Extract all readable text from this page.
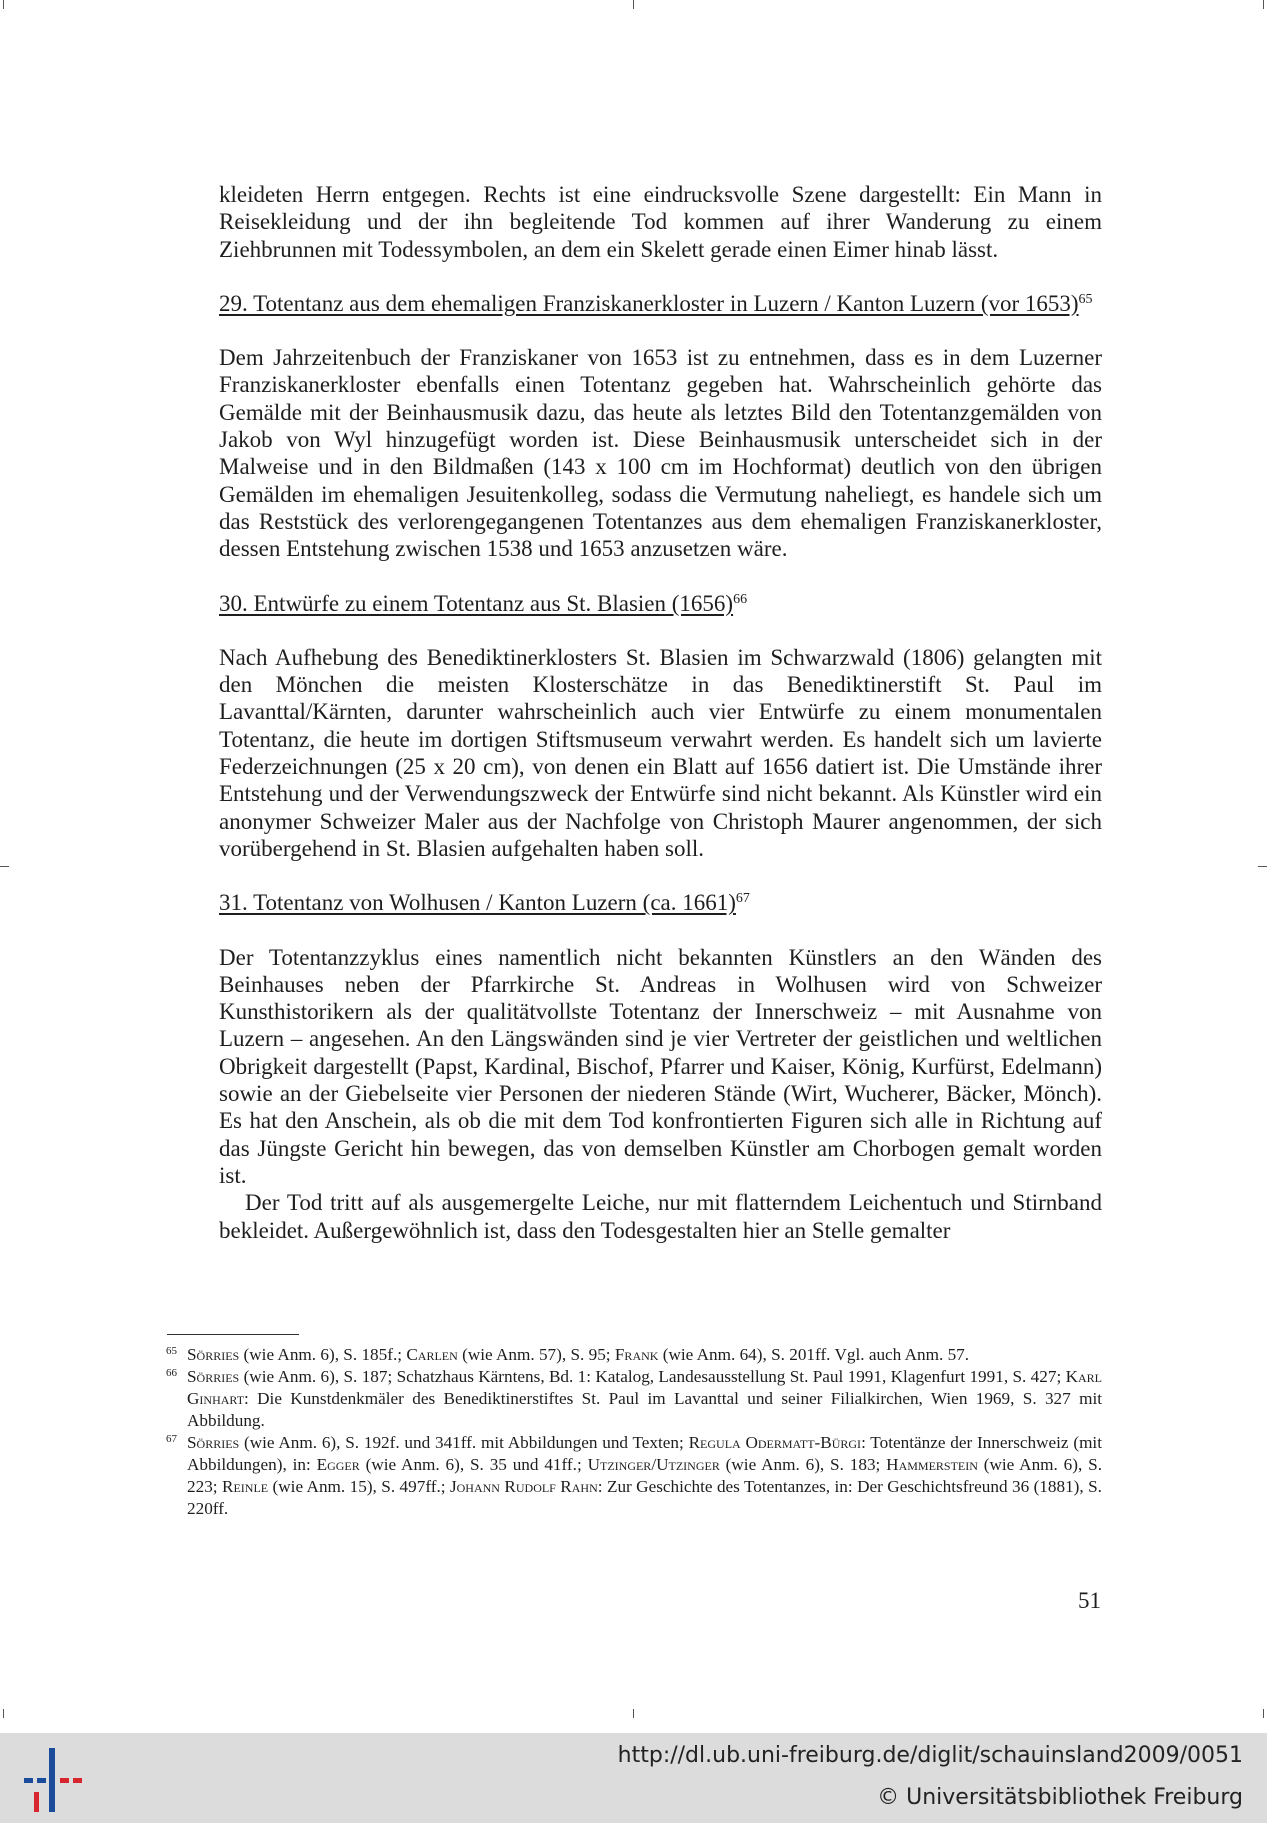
kleideten Herrn entgegen. Rechts ist eine eindrucksvolle Szene dargestellt: Ein Mann in Reisekleidung und der ihn begleitende Tod kommen auf ihrer Wanderung zu einem Ziehbrunnen mit Todessymbolen, an dem ein Skelett gerade einen Eimer hinab lässt.

29. Totentanz aus dem ehemaligen Franziskanerkloster in Luzern / Kanton Luzern (vor 1653)$^{65}$

Dem Jahrzeitenbuch der Franziskaner von 1653 ist zu entnehmen, dass es in dem Luzerner Franziskanerkloster ebenfalls einen Totentanz gegeben hat. Wahrscheinlich gehörte das Gemälde mit der Beinhausmusik dazu, das heute als letztes Bild den Totentanzgemälden von Jakob von Wyl hinzugefügt worden ist. Diese Beinhausmusik unterscheidet sich in der Malweise und in den Bildmaßen (143 x 100 cm im Hochformat) deutlich von den übrigen Gemälden im ehemaligen Jesuitenkolleg, sodass die Vermutung naheliegt, es handele sich um das Reststück des verlorengegangenen Totentanzes aus dem ehemaligen Franziskanerkloster, dessen Entstehung zwischen 1538 und 1653 anzusetzen wäre.

30. Entwürfe zu einem Totentanz aus St. Blasien $(1656)^{66}$

Nach Aufhebung des Benediktinerklosters St. Blasien im Schwarzwald (1806) gelangten mit den Mönchen die meisten Klosterschätze in das Benediktinerstift St. Paul im Lavanttal/Kärnten, darunter wahrscheinlich auch vier Entwürfe zu einem monumentalen Totentanz, die heute im dortigen Stiftsmuseum verwahrt werden. Es handelt sich um lavierte Federzeichnungen (25 x 20 cm), von denen ein Blatt auf 1656 datiert ist. Die Umstände ihrer Entstehung und der Verwendungszweck der Entwürfe sind nicht bekannt. Als Künstler wird ein anonymer Schweizer Maler aus der Nachfolge von Christoph Maurer angenommen, der sich vorübergehend in St. Blasien aufgehalten haben soll.

31. Totentanz von Wolhusen / Kanton Luzern (ca. 1661)$^{67}$

Der Totentanzzyklus eines namentlich nicht bekannten Künstlers an den Wänden des Beinhauses neben der Pfarrkirche St. Andreas in Wolhusen wird von Schweizer Kunsthistorikern als der qualitätvollste Totentanz der Innerschweiz – mit Ausnahme von Luzern – angesehen. An den Längswänden sind je vier Vertreter der geistlichen und weltlichen Obrigkeit dargestellt (Papst, Kardinal, Bischof, Pfarrer und Kaiser, König, Kurfürst, Edelmann) sowie an der Giebelseite vier Personen der niederen Stände (Wirt, Wucherer, Bäcker, Mönch). Es hat den Anschein, als ob die mit dem Tod konfrontierten Figuren sich alle in Richtung auf das Jüngste Gericht hin bewegen, das von demselben Künstler am Chorbogen gemalt worden ist.

Der Tod tritt auf als ausgemergelte Leiche, nur mit flatterndem Leichentuch und Stirnband bekleidet. Außergewöhnlich ist, dass den Todesgestalten hier an Stelle gemalter

65 Sörries (wie Anm. 6), S. 185f.; Carlen (wie Anm. 57), S. 95; Frank (wie Anm. 64), S. 201ff. Vgl. auch Anm. 57.

66 Sörries (wie Anm. 6), S. 187; Schatzhaus Kärntens, Bd. 1: Katalog, Landesausstellung St. Paul 1991, Klagenfurt 1991, S. 427; Karl Ginhart: Die Kunstdenkmäler des Benediktinerstiftes St. Paul im Lavanttal und seiner Filialkirchen, Wien 1969, S. 327 mit Abbildung.

67 Sörries (wie Anm. 6), S. 192f. und 341ff. mit Abbildungen und Texten; Regula Odermatt-Bürgi: Totentänze der Innerschweiz (mit Abbildungen), in: Egger (wie Anm. 6), S. 35 und 41ff.; Utzinger/Utzinger (wie Anm. 6), S. 183; Hammerstein (wie Anm. 6), S. 223; Reinle (wie Anm. 15), S. 497ff.; Johann Rudolf Rahn: Zur Geschichte des Totentanzes, in: Der Geschichtsfreund 36 (1881), S. 220ff.

51
http://dl.ub.uni-freiburg.de/diglit/schauinsland2009/0051
© Universitätsbibliothek Freiburg
